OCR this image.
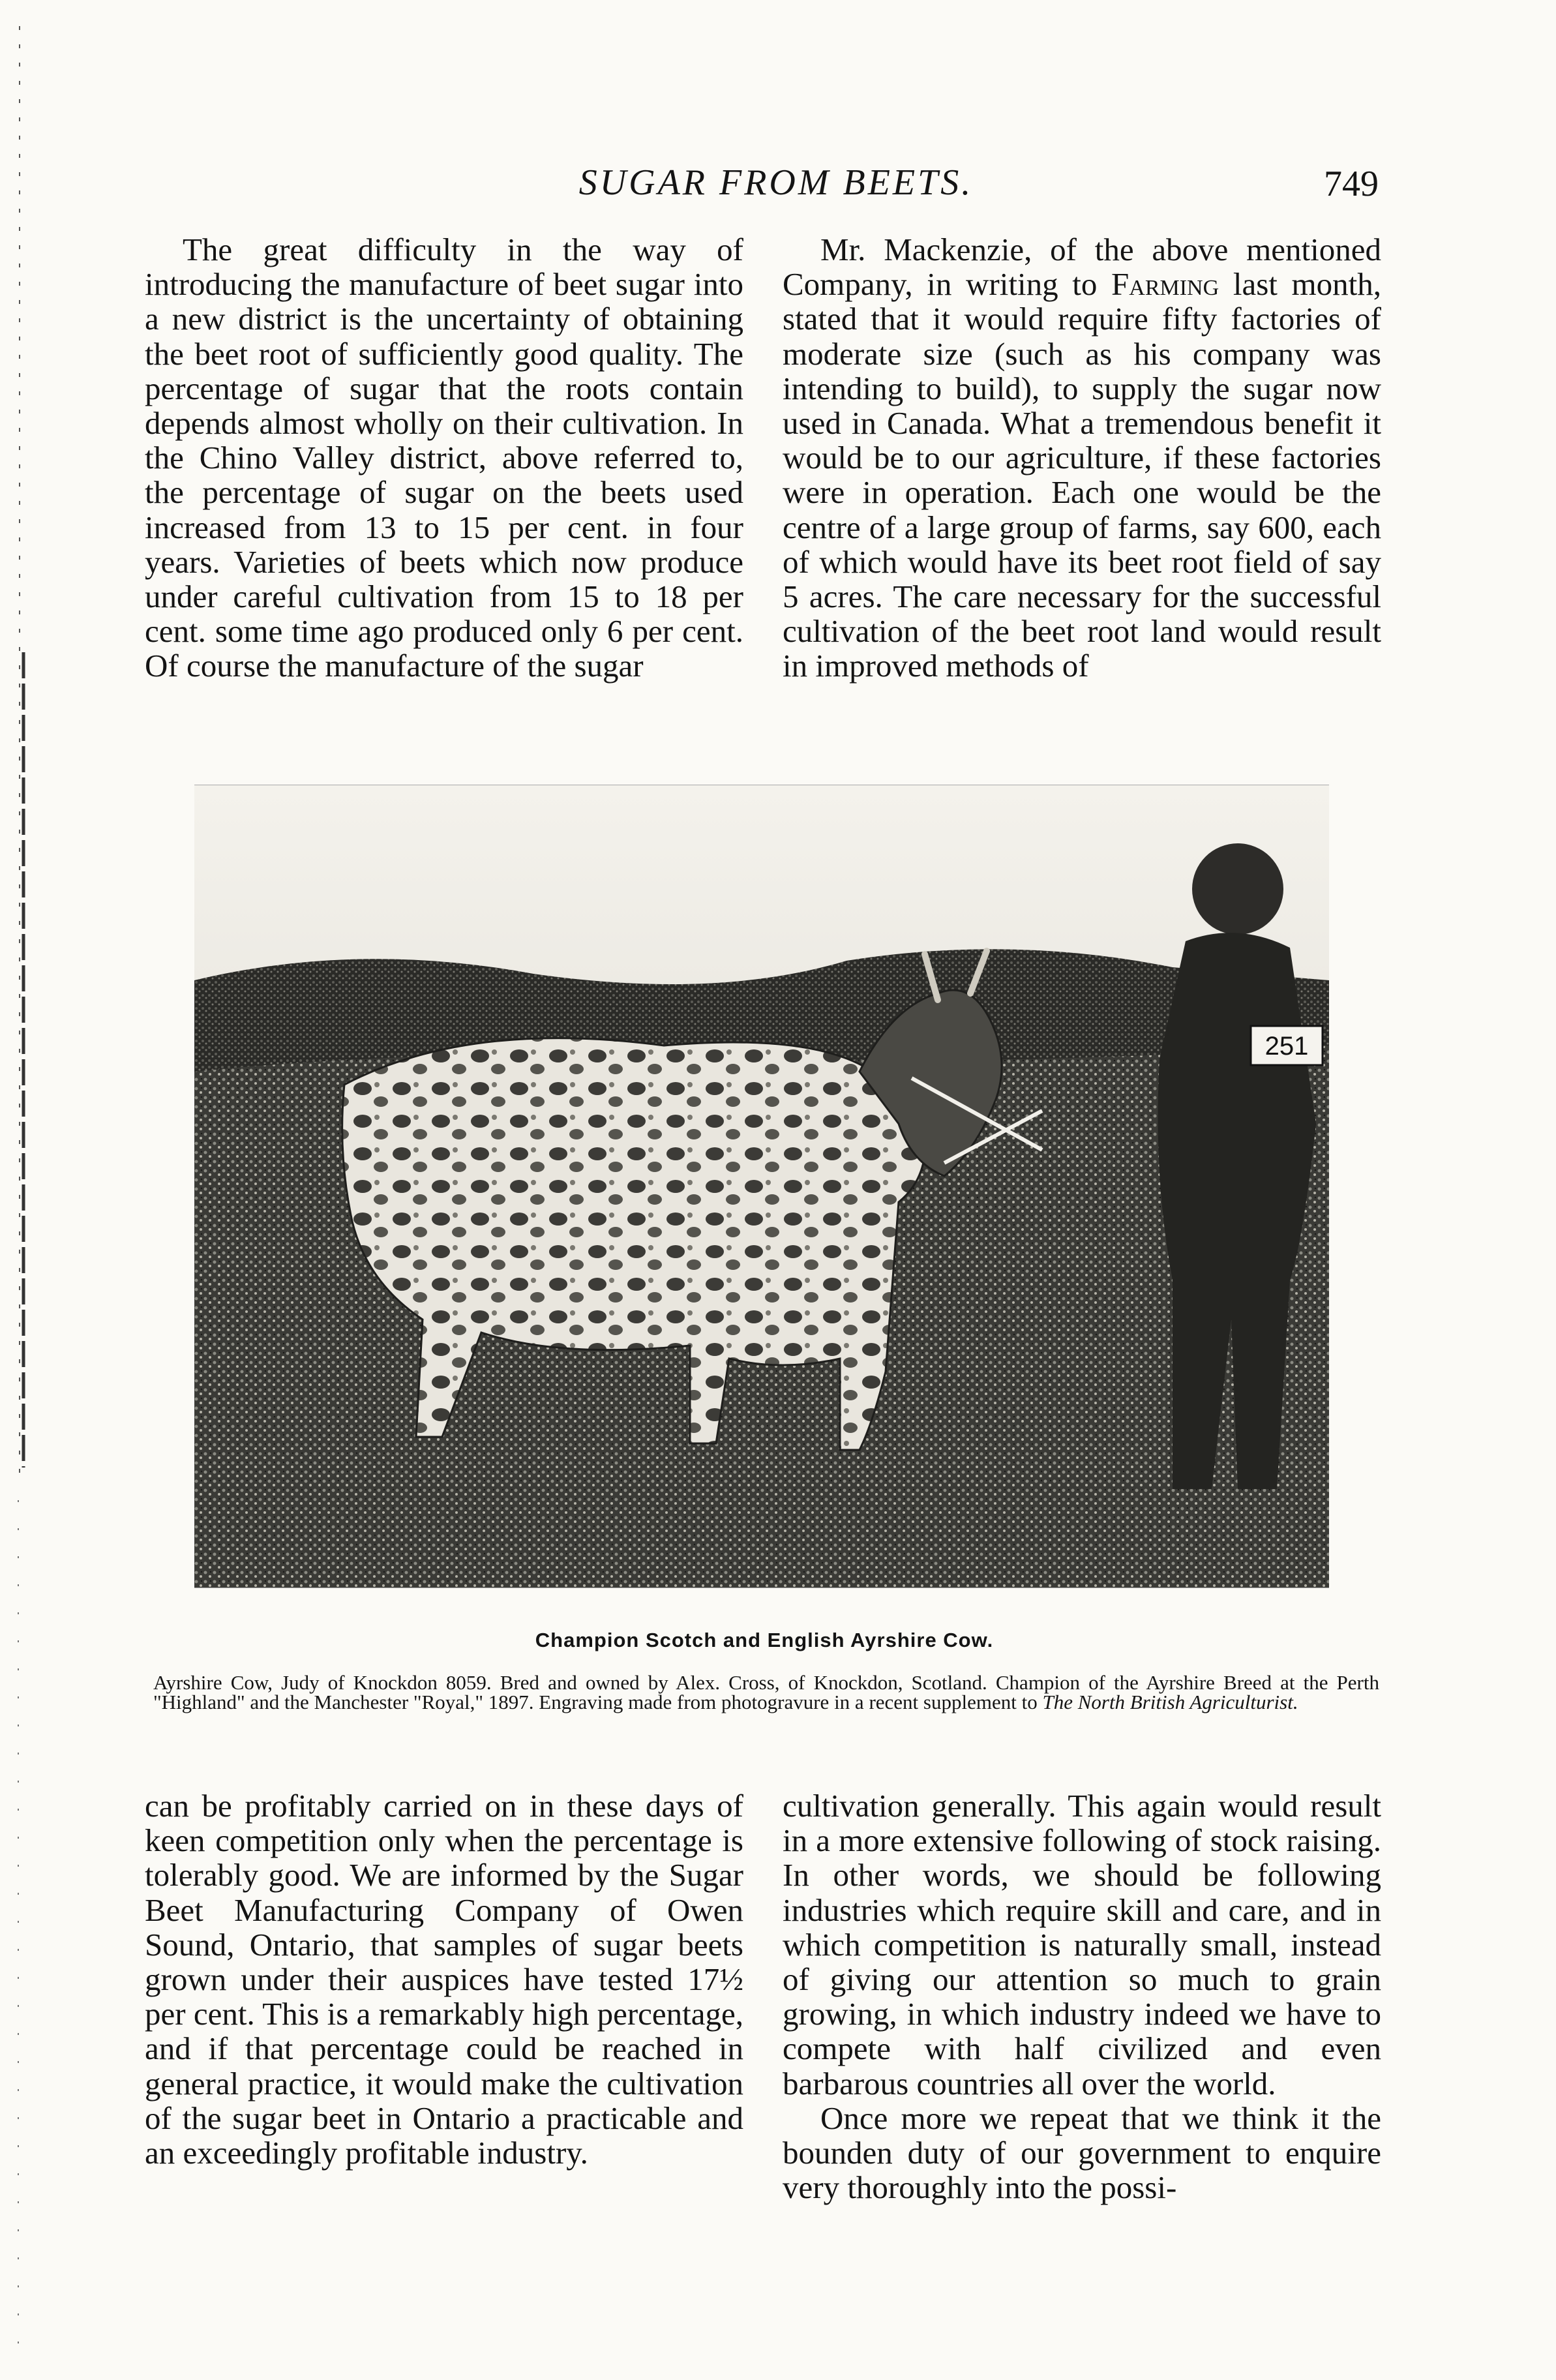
SUGAR FROM BEETS.	749

The great difficulty in the way of introducing the manufacture of beet sugar into a new district is the uncertainty of obtaining the beet root of sufficiently good quality. The percentage of sugar that the roots contain depends almost wholly on their cultivation. In the Chino Valley district, above referred to, the percentage of sugar on the beets used increased from 13 to 15 per cent. in four years. Varieties of beets which now produce under careful cultivation from 15 to 18 per cent. some time ago produced only 6 per cent. Of course the manufacture of the sugar

Mr. Mackenzie, of the above mentioned Company, in writing to Farming last month, stated that it would require fifty factories of moderate size (such as his company was intending to build), to supply the sugar now used in Canada. What a tremendous benefit it would be to our agriculture, if these factories were in operation. Each one would be the centre of a large group of farms, say 600, each of which would have its beet root field of say 5 acres. The care necessary for the successful cultivation of the beet root land would result in improved methods of

251
Champion Scotch and English Ayrshire Cow.
Ayrshire Cow, Judy of Knockdon 8059. Bred and owned by Alex. Cross, of Knockdon, Scotland. Champion of the Ayrshire Breed at the Perth "Highland" and the Manchester "Royal," 1897. Engraving made from photogravure in a recent supplement to The North British Agriculturist.

can be profitably carried on in these days of keen competition only when the percentage is tolerably good. We are informed by the Sugar Beet Manufacturing Company of Owen Sound, Ontario, that samples of sugar beets grown under their auspices have tested 17½ per cent. This is a remarkably high percentage, and if that percentage could be reached in general practice, it would make the cultivation of the sugar beet in Ontario a practicable and an exceedingly profitable industry.

cultivation generally. This again would result in a more extensive following of stock raising. In other words, we should be following industries which require skill and care, and in which competition is naturally small, instead of giving our attention so much to grain growing, in which industry indeed we have to compete with half civilized and even barbarous countries all over the world.

Once more we repeat that we think it the bounden duty of our government to enquire very thoroughly into the possi-
